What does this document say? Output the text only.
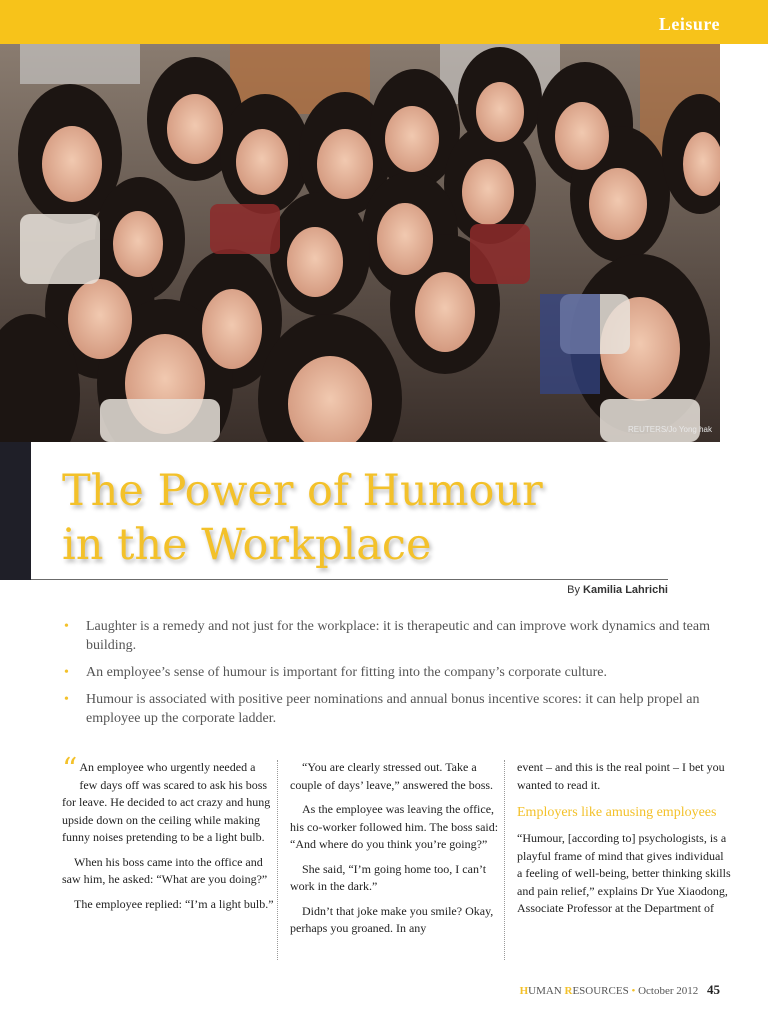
Leisure
REUTERS/Jo Yong hak
The Power of Humour
in the Workplace
By Kamilia Lahrichi
• Laughter is a remedy and not just for the workplace: it is therapeutic and can improve work dynamics and team building.
• An employee’s sense of humour is important for fitting into the company’s corporate culture.
• Humour is associated with positive peer nominations and annual bonus incentive scores: it can help propel an employee up the corporate ladder.

“ An employee who urgently needed a few days off was scared to ask his boss for leave. He decided to act crazy and hung upside down on the ceiling while making funny noises pretending to be a light bulb.

When his boss came into the office and saw him, he asked: “What are you doing?”

The employee replied: “I’m a light bulb.”

“You are clearly stressed out. Take a couple of days’ leave,” answered the boss.

As the employee was leaving the office, his co-worker followed him. The boss said: “And where do you think you’re going?”

She said, “I’m going home too, I can’t work in the dark.”

Didn’t that joke make you smile? Okay, perhaps you groaned. In any

event – and this is the real point – I bet you wanted to read it.

Employers like amusing employees

“Humour, [according to] psychologists, is a playful frame of mind that gives individual a feeling of well-being, better thinking skills and pain relief,” explains Dr Yue Xiaodong, Associate Professor at the Department of

HUMAN RESOURCES • October 2012 45
